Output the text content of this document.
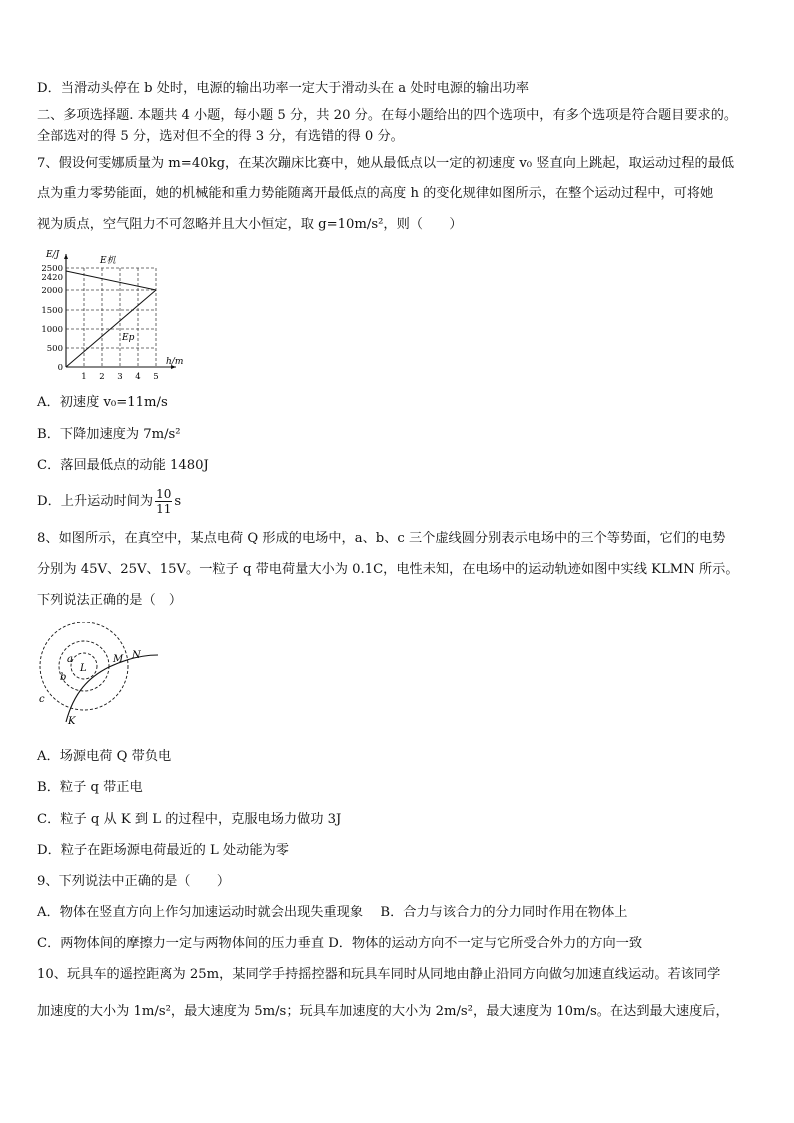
D．当滑动头停在 b 处时，电源的输出功率一定大于滑动头在 a 处时电源的输出功率
二、多项选择题. 本题共 4 小题，每小题 5 分，共 20 分。在每小题给出的四个选项中，有多个选项是符合题目要求的。
全部选对的得 5 分，选对但不全的得 3 分，有选错的得 0 分。
7、假设何雯娜质量为 m=40kg，在某次蹦床比赛中，她从最低点以一定的初速度 v₀ 竖直向上跳起，取运动过程的最低
点为重力零势能面，她的机械能和重力势能随离开最低点的高度 h 的变化规律如图所示，在整个运动过程中，可将她
视为质点，空气阻力不可忽略并且大小恒定，取 g=10m/s²，则（　　）
E/J
E机
Ep
2500
2420
2000
1500
1000
500
0
1 2 3 4 5
h/m
A．初速度 v₀=11m/s
B．下降加速度为 7m/s²
C．落回最低点的动能 1480J
D．上升运动时间为 $\frac{10}{11}$ s
8、如图所示，在真空中，某点电荷 Q 形成的电场中，a、b、c 三个虚线圆分别表示电场中的三个等势面，它们的电势
分别为 45V、25V、15V。一粒子 q 带电荷量大小为 0.1C，电性未知，在电场中的运动轨迹如图中实线 KLMN 所示。
下列说法正确的是（　）
a
b
c
L
M N
K
A．场源电荷 Q 带负电
B．粒子 q 带正电
C．粒子 q 从 K 到 L 的过程中，克服电场力做功 3J
D．粒子在距场源电荷最近的 L 处动能为零
9、下列说法中正确的是（　　）
A．物体在竖直方向上作匀加速运动时就会出现失重现象　 B．合力与该合力的分力同时作用在物体上
C．两物体间的摩擦力一定与两物体间的压力垂直 D．物体的运动方向不一定与它所受合外力的方向一致
10、玩具车的遥控距离为 25m，某同学手持摇控器和玩具车同时从同地由静止沿同方向做匀加速直线运动。若该同学
加速度的大小为 1m/s²，最大速度为 5m/s；玩具车加速度的大小为 2m/s²，最大速度为 10m/s。在达到最大速度后，
